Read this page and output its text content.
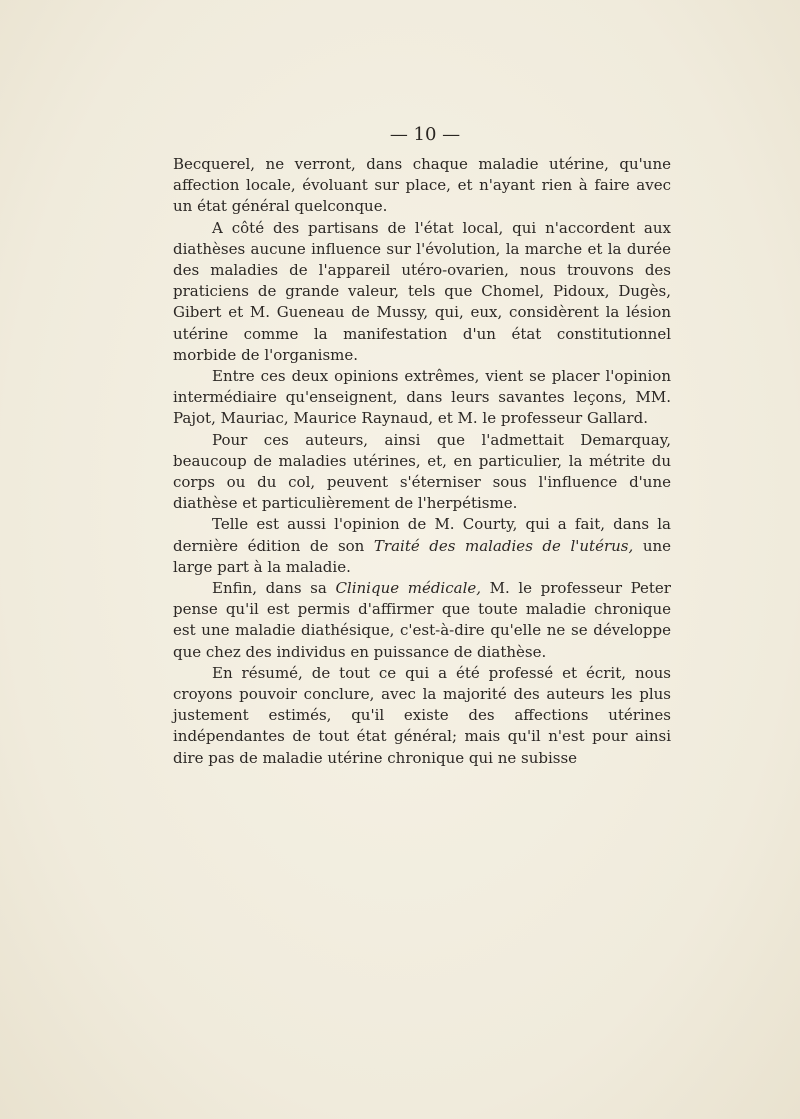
— 10 —

Becquerel, ne verront, dans chaque maladie utérine, qu'une affection locale, évoluant sur place, et n'ayant rien à faire avec un état général quelconque.

A côté des partisans de l'état local, qui n'accordent aux diathèses aucune influence sur l'évolution, la marche et la durée des maladies de l'appareil utéro-ovarien, nous trouvons des praticiens de grande valeur, tels que Chomel, Pidoux, Dugès, Gibert et M. Gueneau de Mussy, qui, eux, considèrent la lésion utérine comme la manifestation d'un état constitutionnel morbide de l'organisme.

Entre ces deux opinions extrêmes, vient se placer l'opinion intermédiaire qu'enseignent, dans leurs savantes leçons, MM. Pajot, Mauriac, Maurice Raynaud, et M. le professeur Gallard.

Pour ces auteurs, ainsi que l'admettait Demarquay, beaucoup de maladies utérines, et, en particulier, la métrite du corps ou du col, peuvent s'éterniser sous l'influence d'une diathèse et particulièrement de l'herpétisme.

Telle est aussi l'opinion de M. Courty, qui a fait, dans la dernière édition de son Traité des maladies de l'utérus, une large part à la maladie.

Enfin, dans sa Clinique médicale, M. le professeur Peter pense qu'il est permis d'affirmer que toute maladie chronique est une maladie diathésique, c'est-à-dire qu'elle ne se développe que chez des individus en puissance de diathèse.

En résumé, de tout ce qui a été professé et écrit, nous croyons pouvoir conclure, avec la majorité des auteurs les plus justement estimés, qu'il existe des affections utérines indépendantes de tout état général; mais qu'il n'est pour ainsi dire pas de maladie utérine chronique qui ne subisse
